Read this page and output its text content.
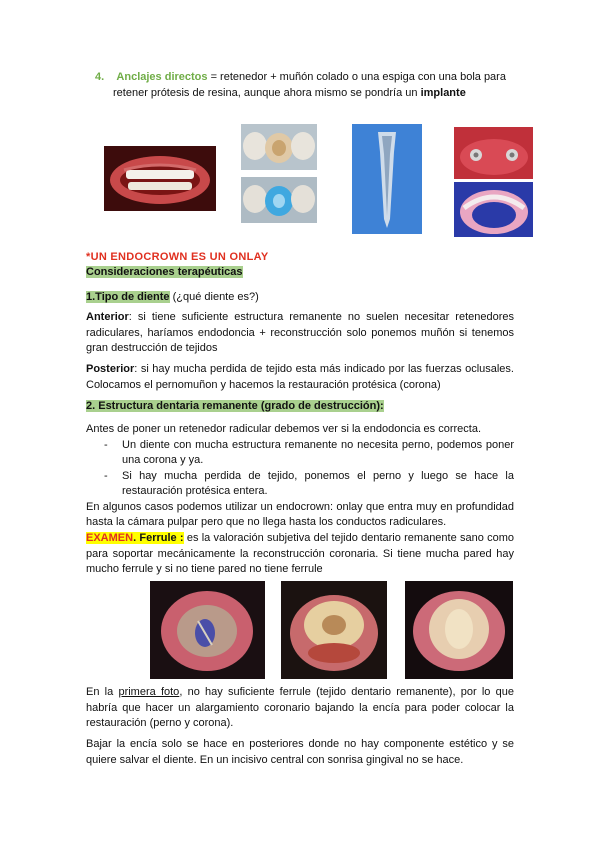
4. Anclajes directos = retenedor + muñón colado o una espiga con una bola para

retener prótesis de resina, aunque ahora mismo se pondría un implante

*UN ENDOCROWN ES UN ONLAY

Consideraciones terapéuticas

1.Tipo de diente (¿qué diente es?)

Anterior: si tiene suficiente estructura remanente no suelen necesitar retenedores radiculares, haríamos endodoncia + reconstrucción solo ponemos muñón si tenemos gran destrucción de tejidos

Posterior: si hay mucha perdida de tejido esta más indicado por las fuerzas oclusales. Colocamos el pernomuñon y hacemos la restauración protésica (corona)

2. Estructura dentaria remanente (grado de destrucción):

Antes de poner un retenedor radicular debemos ver si la endodoncia es correcta.

- Un diente con mucha estructura remanente no necesita perno, podemos poner una corona y ya.
- Si hay mucha perdida de tejido, ponemos el perno y luego se hace la restauración protésica entera.

En algunos casos podemos utilizar un endocrown: onlay que entra muy en profundidad hasta la cámara pulpar pero que no llega hasta los conductos radiculares.

EXAMEN. Ferrule : es la valoración subjetiva del tejido dentario remanente sano como para soportar mecánicamente la reconstrucción coronaria. Si tiene mucha pared hay mucho ferrule y si no tiene pared no tiene ferrule

En la primera foto, no hay suficiente ferrule (tejido dentario remanente), por lo que habría que hacer un alargamiento coronario bajando la encía para poder colocar la restauración (perno y corona).

Bajar la encía solo se hace en posteriores donde no hay componente estético y se quiere salvar el diente. En un incisivo central con sonrisa gingival no se hace.
